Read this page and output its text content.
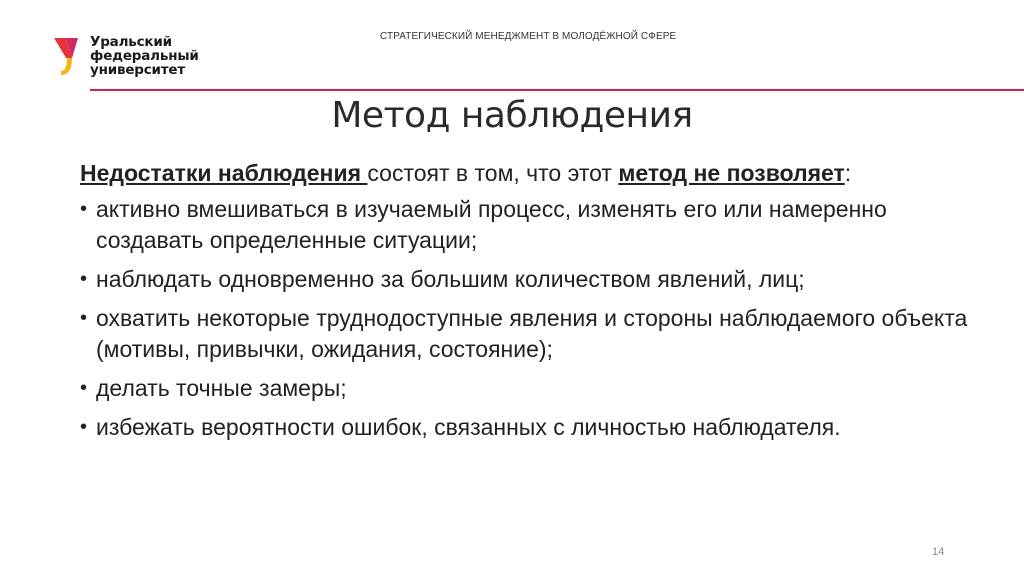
Уральский
федеральный
университет
СТРАТЕГИЧЕСКИЙ МЕНЕДЖМЕНТ В МОЛОДЁЖНОЙ СФЕРЕ
Метод наблюдения

Недостатки наблюдения состоят в том, что этот метод не позволяет:

• активно вмешиваться в изучаемый процесс, изменять его или намеренно создавать определенные ситуации;
• наблюдать одновременно за большим количеством явлений, лиц;
• охватить некоторые труднодоступные явления и стороны наблюдаемого объекта (мотивы, привычки, ожидания, состояние);
• делать точные замеры;
• избежать вероятности ошибок, связанных с личностью наблюдателя.
14
